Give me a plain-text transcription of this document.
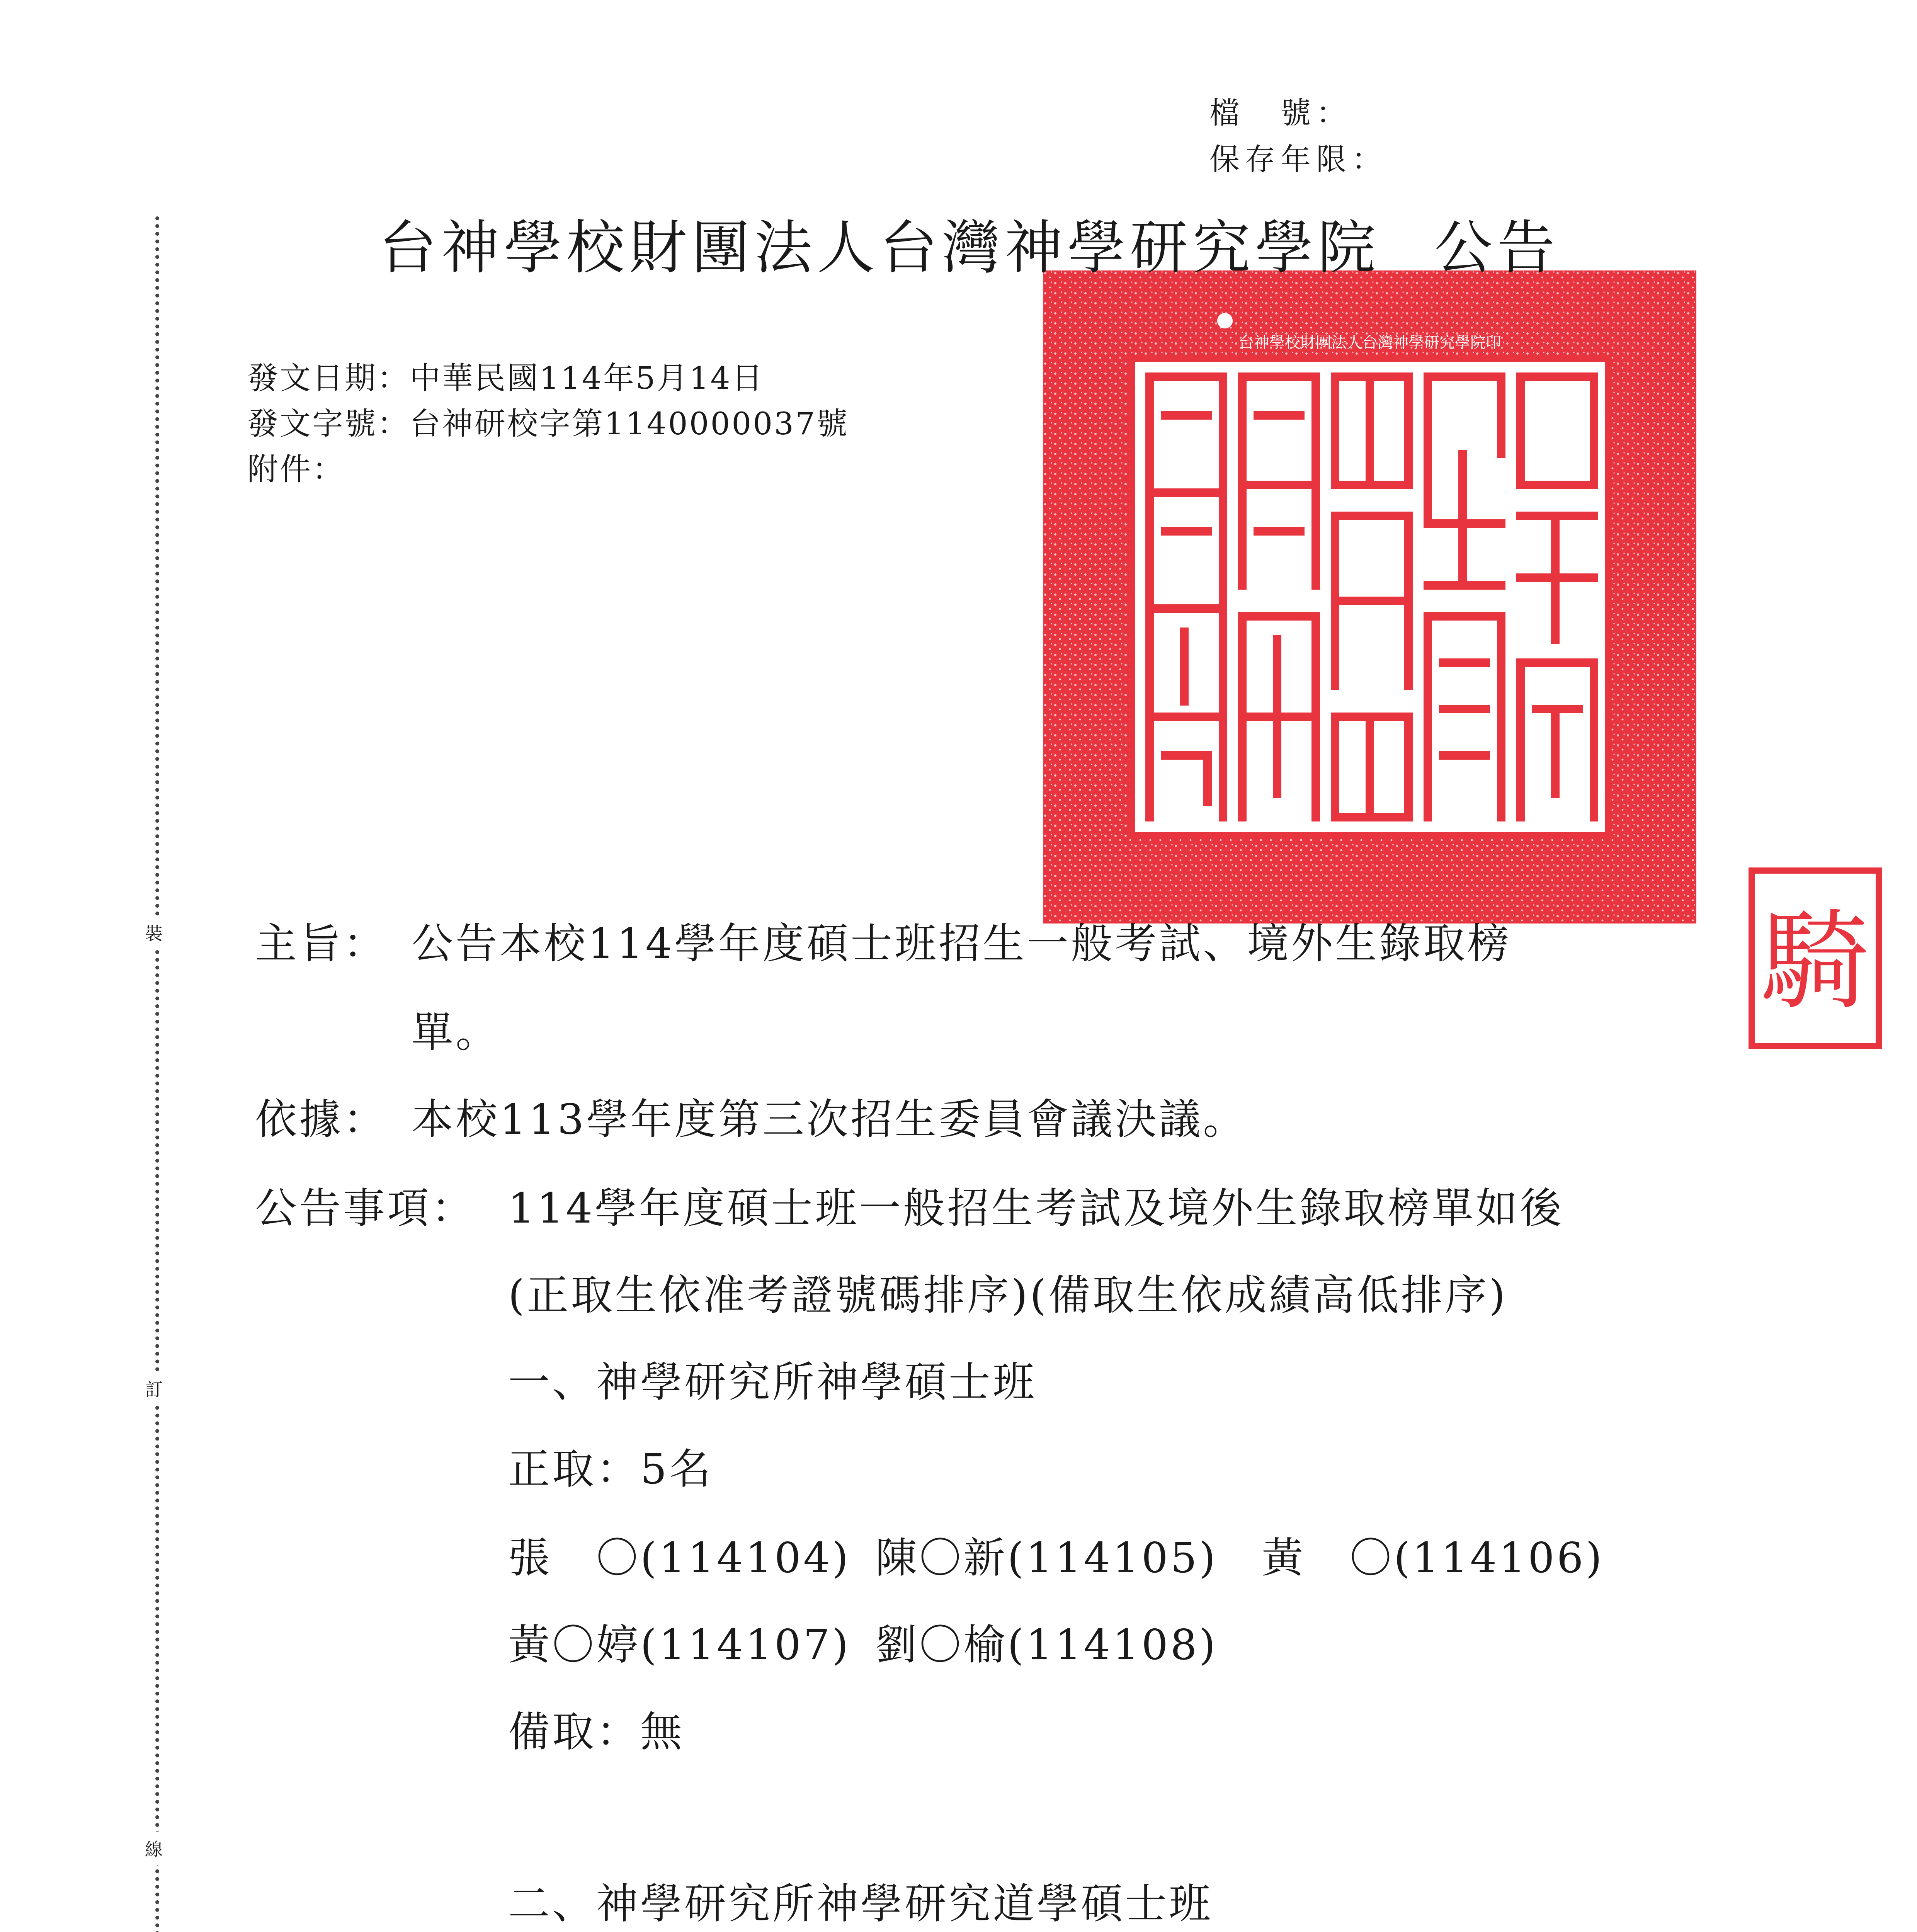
檔　號：
保存年限：
裝
訂
線
台神學校財團法人台灣神學研究學院印
騎
台神學校財團法人台灣神學研究學院 公告
發文日期：中華民國114年5月14日
發文字號：台神研校字第1140000037號
附件：
主旨： 公告本校114學年度碩士班招生一般考試、境外生錄取榜
單。
依據： 本校113學年度第三次招生委員會議決議。
公告事項： 114學年度碩士班一般招生考試及境外生錄取榜單如後
(正取生依准考證號碼排序)(備取生依成績高低排序)
一、神學研究所神學碩士班
正取：5名
張　〇(114104) 陳〇新(114105) 黃　〇(114106)
黃〇婷(114107) 劉〇榆(114108)
備取：無
二、神學研究所神學研究道學碩士班
